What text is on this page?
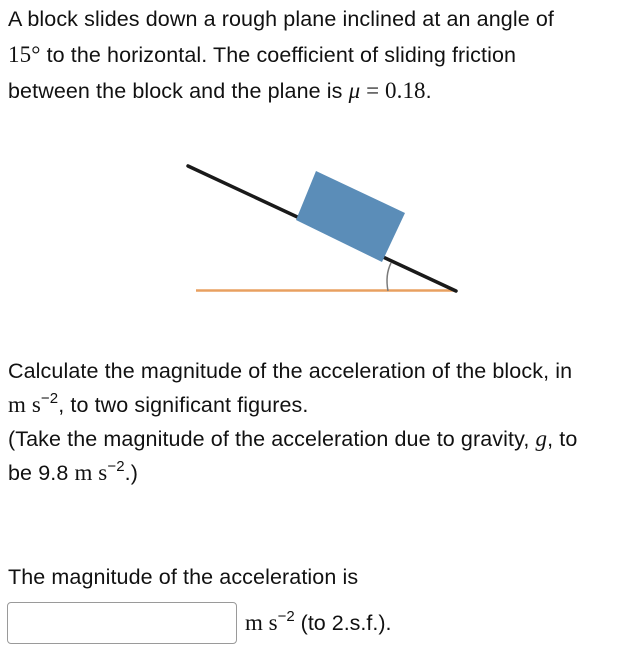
A block slides down a rough plane inclined at an angle of
15° to the horizontal. The coefficient of sliding friction
between the block and the plane is μ = 0.18.
Calculate the magnitude of the acceleration of the block, in
m $s^{-2}$, to two significant figures.
(Take the magnitude of the acceleration due to gravity, g, to
be 9.8 m $s^{-2}$.)
The magnitude of the acceleration is
m $s^{-2}$ (to 2.s.f.).
